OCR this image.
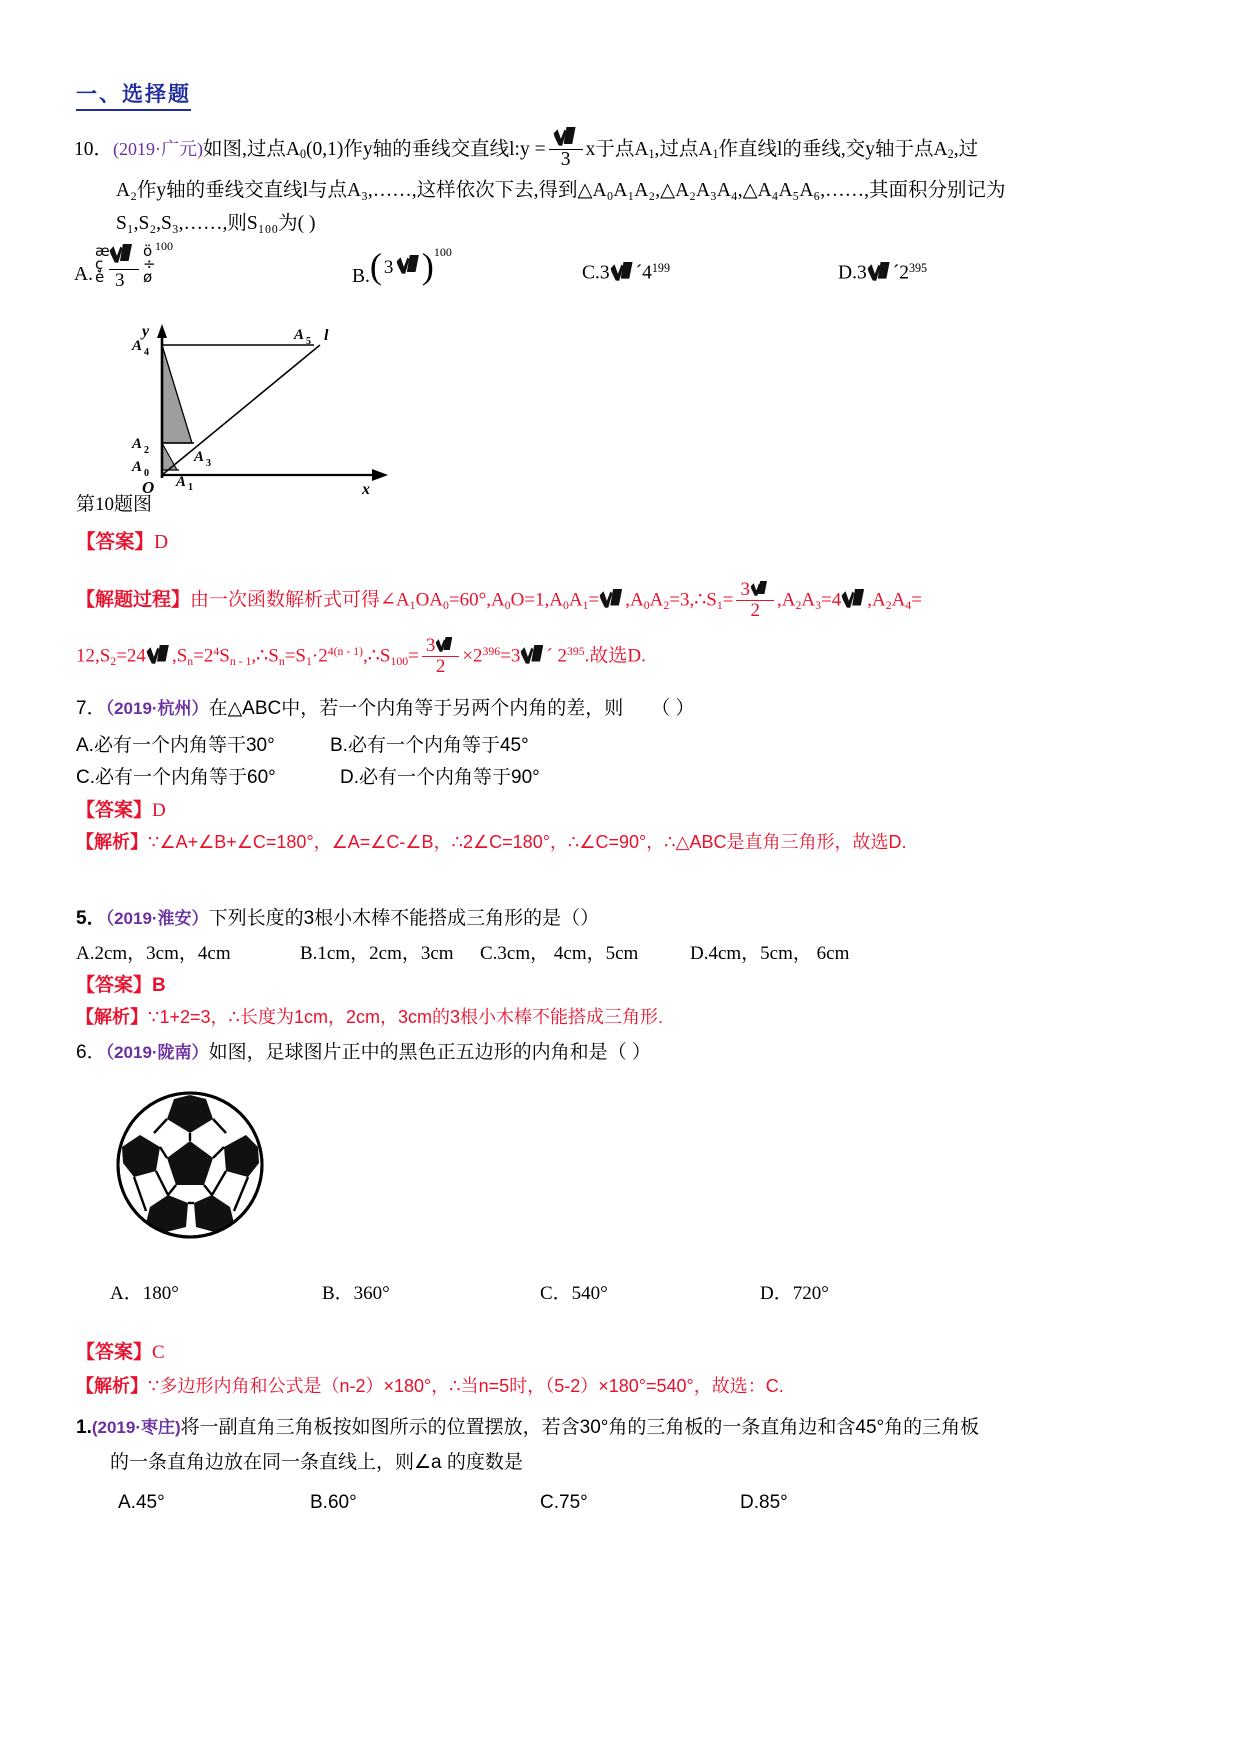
一、选择题
10．(2019·广元)如图,过点$A_0(0,1)$作y轴的垂线交直线l:y =
3
x于点$A_1$,过点$A_1$作直线l的垂线,交y轴于点$A_2$,过
A₂作y轴的垂线交直线l与点A₃,……,这样依次下去,得到△A₀A₁A₂,△A₂A₃A₄,△A₄A₅A₆,……,其面积分别记为
S₁,S₂,S₃,……,则S₁₀₀为( )
A.
æ
ç
è 3
ö
÷
ø
100
B. ( 3 ) 100
C.3 $´4^{199}$	D.3 $´2^{395}$
A 4
A 2
A 0
A 1
A 3
A 5 l
y
x
O
第10题图
【答案】D
【解题过程】由一次函数解析式可得$\angle A_1OA_0=60^\circ,A_0O=1,A_0A_1=$ $,A_0A_2=3,\therefore S_1= \frac{3}{2} ,A_2A_3=4$ $,A_2A_4=$
$12,S_2=24$ $,S_n=2^4S_{n - 1},\therefore S_n=S_1\cdot 2^{4(n - 1)},\therefore S_{100}= \frac{3}{2} \times 2^{396}=3$ ´ $2^{395}$.故选D.
7．（2019·杭州）在△ABC中，若一个内角等于另两个内角的差，则 （ ）
A.必有一个内角等干30°	B.必有一个内角等于45°
C.必有一个内角等于60°	D.必有一个内角等于90°
【答案】D
【解析】∵∠A+∠B+∠C=180°，∠A=∠C-∠B，∴2∠C=180°，∴∠C=90°，∴△ABC是直角三角形，故选D.
5．（2019·淮安）下列长度的3根小木棒不能搭成三角形的是（）
A.2cm，3cm，4cm	B.1cm，2cm，3cm C.3cm， 4cm，5cm	D.4cm，5cm， 6cm
【答案】B
【解析】∵1+2=3，∴长度为1cm，2cm，3cm的3根小木棒不能搭成三角形.
6．（2019·陇南）如图，足球图片正中的黑色正五边形的内角和是（ ）
A．180°	B．360°	C．540°	D．720°
【答案】C
【解析】∵多边形内角和公式是（n-2）×180°，∴当n=5时，（5-2）×180°=540°，故选：C.
1.(2019·枣庄)将一副直角三角板按如图所示的位置摆放，若含30°角的三角板的一条直角边和含45°角的三角板
的一条直角边放在同一条直线上，则∠a 的度数是
A.45°	B.60°	C.75°	D.85°
